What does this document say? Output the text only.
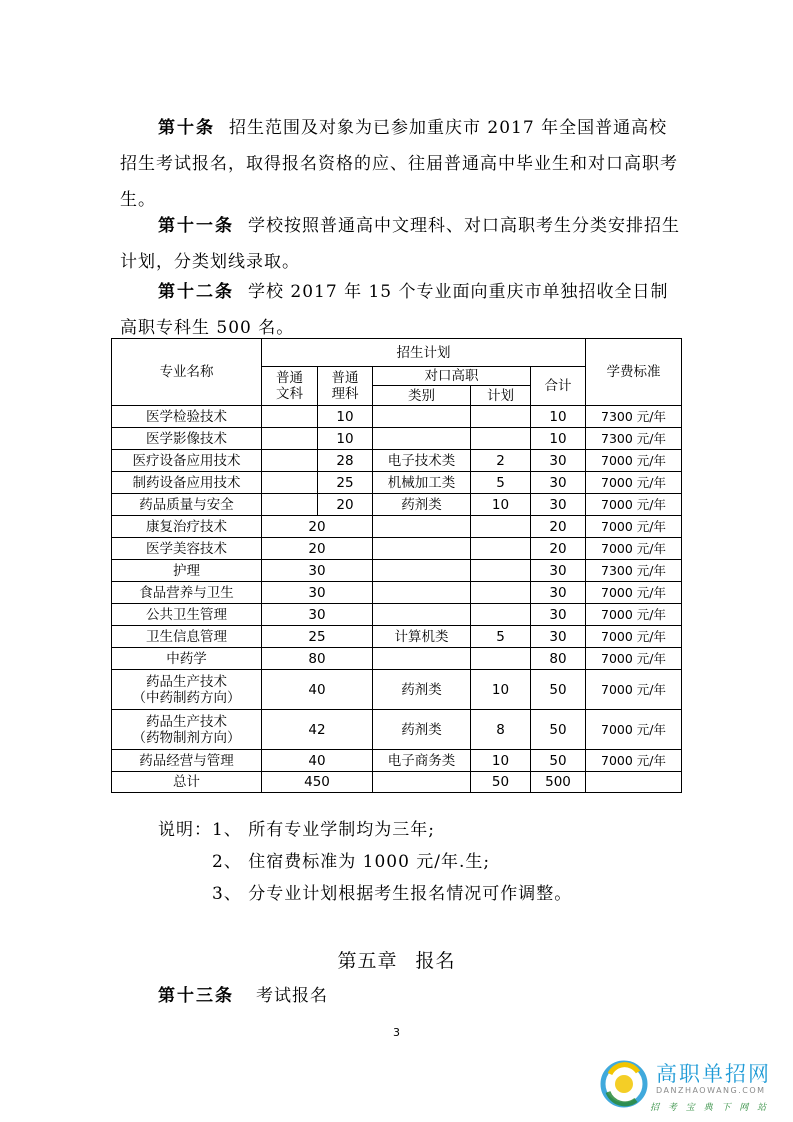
第十条 招生范围及对象为已参加重庆市 2017 年全国普通高校招生考试报名，取得报名资格的应、往届普通高中毕业生和对口高职考生。

第十一条 学校按照普通高中文理科、对口高职考生分类安排招生计划，分类划线录取。

第十二条 学校 2017 年 15 个专业面向重庆市单独招收全日制高职专科生 500 名。

专业名称	招生计划					学费标准
	普通文科	普通理科	对口高职		合计	
			类别	计划		
医学检验技术		10			10	7300 元/年
医学影像技术		10			10	7300 元/年
医疗设备应用技术		28	电子技术类	2	30	7000 元/年
制药设备应用技术		25	机械加工类	5	30	7000 元/年
药品质量与安全		20	药剂类	10	30	7000 元/年
康复治疗技术	20				20	7000 元/年
医学美容技术	20				20	7000 元/年
护理	30				30	7300 元/年
食品营养与卫生	30				30	7000 元/年
公共卫生管理	30				30	7000 元/年
卫生信息管理	25		计算机类	5	30	7000 元/年
中药学	80				80	7000 元/年
药品生产技术
（中药制药方向）	40		药剂类	10	50	7000 元/年
药品生产技术
（药物制剂方向）	42		药剂类	8	50	7000 元/年
药品经营与管理	40		电子商务类	10	50	7000 元/年
总计	450			50	500	

说明：1、 所有专业学制均为三年;

2、 住宿费标准为 1000 元/年.生;

3、 分专业计划根据考生报名情况可作调整。

第五章 报名

第十三条 考试报名

3

高职单招网
DANZHAOWANG.COM
招 考 宝 典 下 网 站
